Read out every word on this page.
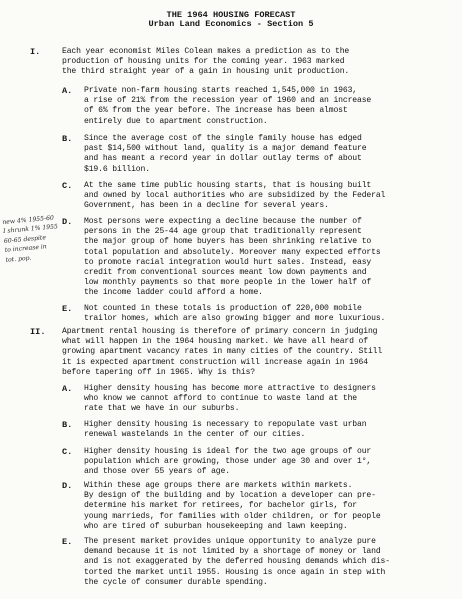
THE 1964 HOUSING FORECAST
Urban Land Economics - Section 5
I.	Each year economist Miles Colean makes a prediction as to the
production of housing units for the coming year. 1963 marked
the third straight year of a gain in housing unit production.
A. Private non-farm housing starts reached 1,545,000 in 1963,
a rise of 21% from the recession year of 1960 and an increase
of 6% from the year before. The increase has been almost
entirely due to apartment construction.
B. Since the average cost of the single family house has edged
past $14,500 without land, quality is a major demand feature
and has meant a record year in dollar outlay terms of about
$19.6 billion.
C. At the same time public housing starts, that is housing built
and owned by local authorities who are subsidized by the Federal
Government, has been in a decline for several years.
D. Most persons were expecting a decline because the number of
persons in the 25-44 age group that traditionally represent
the major group of home buyers has been shrinking relative to
total population and absolutely. Moreover many expected efforts
to promote racial integration would hurt sales. Instead, easy
credit from conventional sources meant low down payments and
low monthly payments so that more people in the lower half of
the income ladder could afford a home.
new 4% 1955-60
I shrunk 1% 1955
60-65 despite
to increase in
tot. pop.
E. Not counted in these totals is production of 220,000 mobile
trailor homes, which are also growing bigger and more luxurious.
II. Apartment rental housing is therefore of primary concern in judging
what will happen in the 1964 housing market. We have all heard of
growing apartment vacancy rates in many cities of the country. Still
it is expected apartment construction will increase again in 1964
before tapering off in 1965. Why is this?
A. Higher density housing has become more attractive to designers
who know we cannot afford to continue to waste land at the
rate that we have in our suburbs.
B. Higher density housing is necessary to repopulate vast urban
renewal wastelands in the center of our cities.
C. Higher density housing is ideal for the two age groups of our
population which are growing, those under age 30 and over 1°,
and those over 55 years of age.
D. Within these age groups there are markets within markets.
By design of the building and by location a developer can pre-
determine his market for retirees, for bachelor girls, for
young marrieds, for families with older children, or for people
who are tired of suburban housekeeping and lawn keeping.
E. The present market provides unique opportunity to analyze pure
demand because it is not limited by a shortage of money or land
and is not exaggerated by the deferred housing demands which dis-
torted the market until 1955. Housing is once again in step with
the cycle of consumer durable spending.
